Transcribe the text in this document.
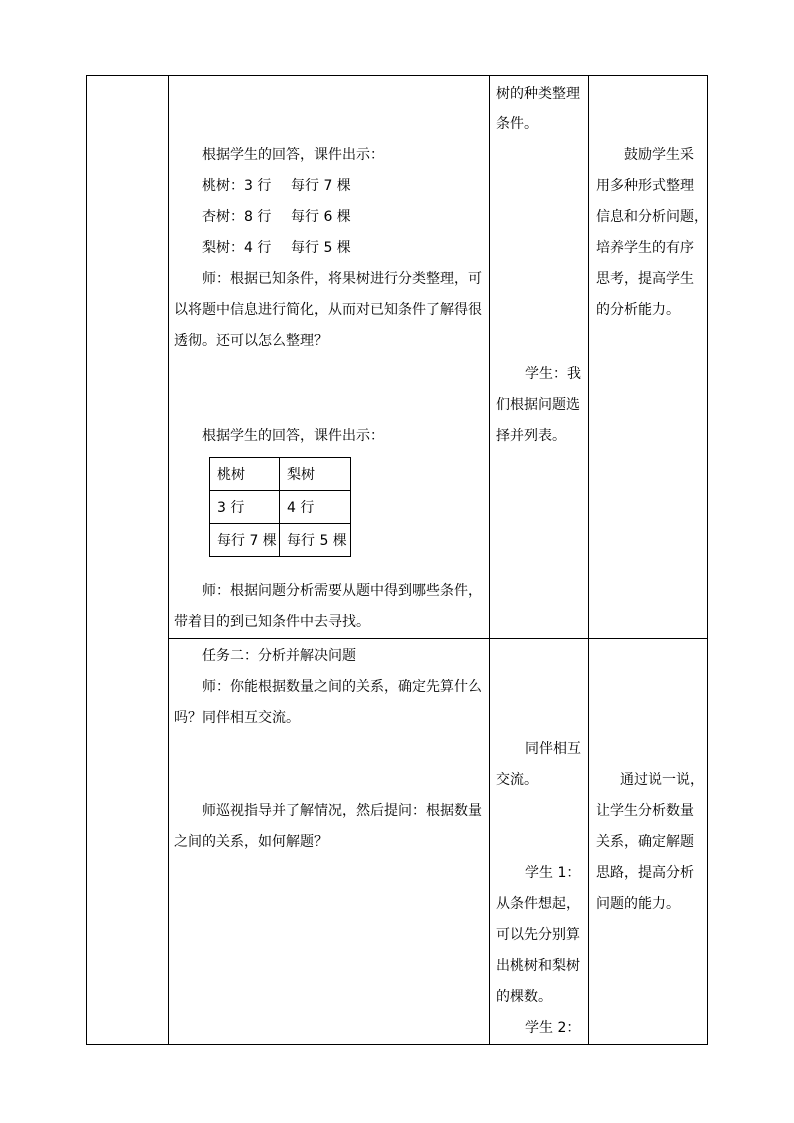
根据学生的回答，课件出示：
桃树：3 行 每行 7 棵
杏树：8 行 每行 6 棵
梨树：4 行 每行 5 棵
师：根据已知条件，将果树进行分类整理，可
以将题中信息进行简化，从而对已知条件了解得很
透彻。还可以怎么整理？
根据学生的回答，课件出示：
桃树	梨树
3 行	4 行
每行 7 棵	每行 5 棵
师：根据问题分析需要从题中得到哪些条件，
带着目的到已知条件中去寻找。
树的种类整理
条件。
学生：我
们根据问题选
择并列表。
鼓励学生采
用多种形式整理
信息和分析问题，
培养学生的有序
思考，提高学生
的分析能力。
任务二：分析并解决问题
师：你能根据数量之间的关系，确定先算什么
吗？同伴相互交流。
师巡视指导并了解情况，然后提问：根据数量
之间的关系，如何解题？
同伴相互
交流。
学生 1：
从条件想起，
可以先分别算
出桃树和梨树
的棵数。
学生 2：
通过说一说，
让学生分析数量
关系，确定解题
思路，提高分析
问题的能力。
